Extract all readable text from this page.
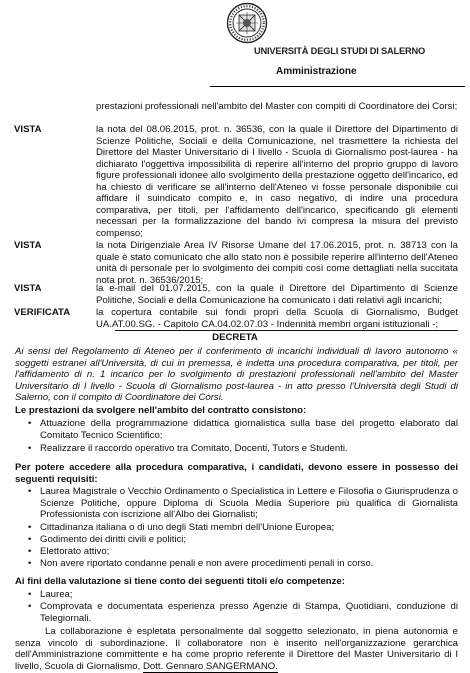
UNIVERSITÀ DEGLI STUDI DI SALERNO
Amministrazione
prestazioni professionali nell'ambito del Master con compiti di Coordinatore dei Corsi;
VISTA	la nota del 08.06.2015, prot. n. 36536, con la quale il Direttore del Dipartimento di Scienze Politiche, Sociali e della Comunicazione, nel trasmettere la richiesta del Direttore del Master Universitario di I livello - Scuola di Giornalismo post-laurea - ha dichiarato l'oggettiva impossibilità di reperire all'interno del proprio gruppo di lavoro figure professionali idonee allo svolgimento della prestazione oggetto dell'incarico, ed ha chiesto di verificare se all'interno dell'Ateneo vi fosse personale disponibile cui affidare il suindicato compito e, in caso negativo, di indire una procedura comparativa, per titoli, per l'affidamento dell'incarico, specificando gli elementi necessari per la formalizzazione del bando ivi compresa la misura del previsto compenso;
VISTA	la nota Dirigenziale Area IV Risorse Umane del 17.06.2015, prot. n. 38713 con la quale è stato comunicato che allo stato non è possibile reperire all'interno dell'Ateneo unità di personale per lo svolgimento dei compiti così come dettagliati nella succitata nota prot. n. 36536/2015;
VISTA	la e-mail del 01.07.2015, con la quale il Direttore del Dipartimento di Scienze Politiche, Sociali e della Comunicazione ha comunicato i dati relativi agli incarichi;
VERIFICATA	la copertura contabile sui fondi propri della Scuola di Giornalismo, Budget UA.AT.00.SG. - Capitolo CA.04.02.07.03 - Indennità membri organi istituzionali -;
DECRETA
Ai sensi del Regolamento di Ateneo per il conferimento di incarichi individuali di lavoro autonomo « soggetti estranei all'Università, di cui in premessa, è indetta una procedura comparativa, per titoli, per l'affidamento di n. 1 incarico per lo svolgimento di prestazioni professionali nell'ambito del Master Universitario di I livello - Scuola di Giornalismo post-laurea - in atto presso l'Università degli Studi di Salerno, con il compito di Coordinatore dei Corsi.
Le prestazioni da svolgere nell'ambito del contratto consistono:
• Attuazione della programmazione didattica giornalistica sulla base del progetto elaborato dal Comitato Tecnico Scientifico;
• Realizzare il raccordo operativo tra Comitato, Docenti, Tutors e Studenti.
Per potere accedere alla procedura comparativa, i candidati, devono essere in possesso dei seguenti requisiti:
• Laurea Magistrale o Vecchio Ordinamento o Specialistica in Lettere e Filosofia o Giurisprudenza o Scienze Politiche, oppure Diploma di Scuola Media Superiore più qualifica di Giornalista Professionista con iscrizione all'Albo dei Giornalisti;
• Cittadinanza italiana o di uno degli Stati membri dell'Unione Europea;
• Godimento dei diritti civili e politici;
• Elettorato attivo;
• Non avere riportato condanne penali e non avere procedimenti penali in corso.
Ai fini della valutazione si tiene conto dei seguenti titoli e/o competenze:
• Laurea;
• Comprovata e documentata esperienza presso Agenzie di Stampa, Quotidiani, conduzione di Telegiornali.
La collaborazione è espletata personalmente dal soggetto selezionato, in piena autonomia e senza vincolo di subordinazione. Il collaboratore non è inserito nell'organizzazione gerarchica dell'Amministrazione committente e ha come proprio referente il Direttore del Master Universitario di I livello, Scuola di Giornalismo, Dott. Gennaro SANGERMANO.
